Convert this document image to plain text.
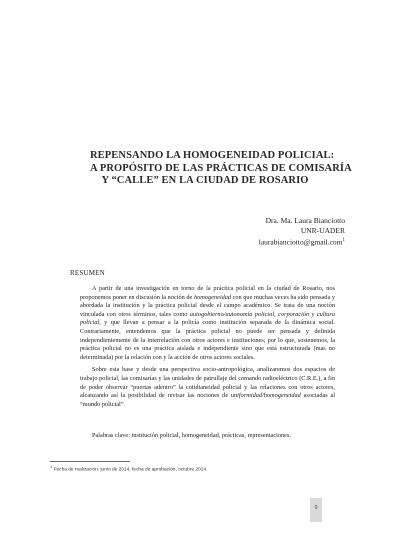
REPENSANDO LA HOMOGENEIDAD POLICIAL:
A PROPÓSITO DE LAS PRÁCTICAS DE COMISARÍA
Y “CALLE” EN LA CIUDAD DE ROSARIO
Dra. Ma. Laura Bianciotto
UNR-UADER
laurabianciotto@gmail.com$^1$
RESUMEN

A partir de una investigación en torno de la práctica policial en la ciudad de Rosario, nos proponemos poner en discusión la noción de homogeneidad con que muchas veces ha sido pensada y abordada la institución y la práctica policial desde el campo académico. Se trata de una noción vinculada con otros términos, tales como autogobierno/autonomía policial, corporación y cultura policial, y que llevan a pensar a la policía como institución separada de la dinámica social. Contrariamente, entendemos que la práctica policial no puede ser pensada y definida independientemente de la interrelación con otros actores e instituciones; por lo que, sostenemos, la práctica policial no es una práctica aislada e independiente sino que está estructurada (mas no determinada) por la relación con y la acción de otros actores sociales.

Sobre esta base y desde una perspectiva socio-antropológica, analizaremos dos espacios de trabajo policial, las comisarías y las unidades de patrullaje del comando radioeléctrico (C.R.E.), a fin de poder observar “puertas adentro” la cotidianeidad policial y las relaciones con otros actores, alcanzando así la posibilidad de revisar las nociones de uniformidad/homogeneidad asociadas al “mundo policial”.

Palabras clave: institución policial, homogeneidad, prácticas, representaciones.
$^1$ Fecha de realización: junio de 2014, fecha de aprobación, octubre 2014.
9
